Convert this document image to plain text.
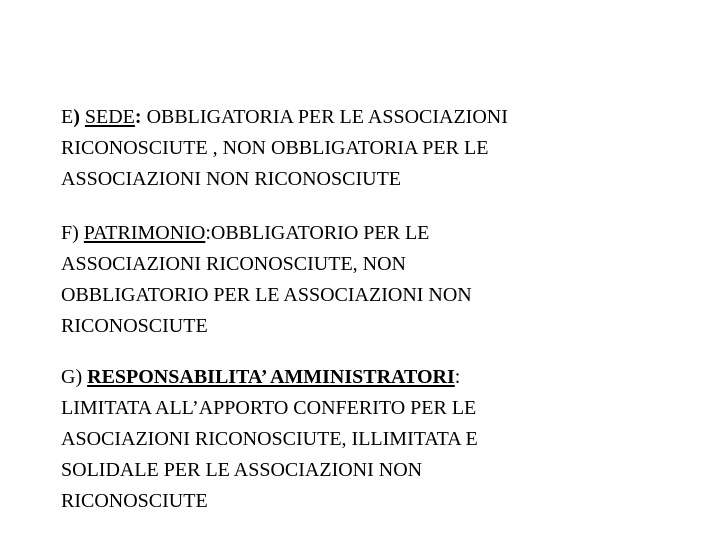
E) SEDE: OBBLIGATORIA PER LE ASSOCIAZIONI
RICONOSCIUTE , NON OBBLIGATORIA PER LE
ASSOCIAZIONI NON RICONOSCIUTE

F) PATRIMONIO:OBBLIGATORIO PER LE
ASSOCIAZIONI RICONOSCIUTE, NON
OBBLIGATORIO PER LE ASSOCIAZIONI NON
RICONOSCIUTE

G) RESPONSABILITA’ AMMINISTRATORI:
LIMITATA ALL’APPORTO CONFERITO PER LE
ASOCIAZIONI RICONOSCIUTE, ILLIMITATA E
SOLIDALE PER LE ASSOCIAZIONI NON
RICONOSCIUTE
